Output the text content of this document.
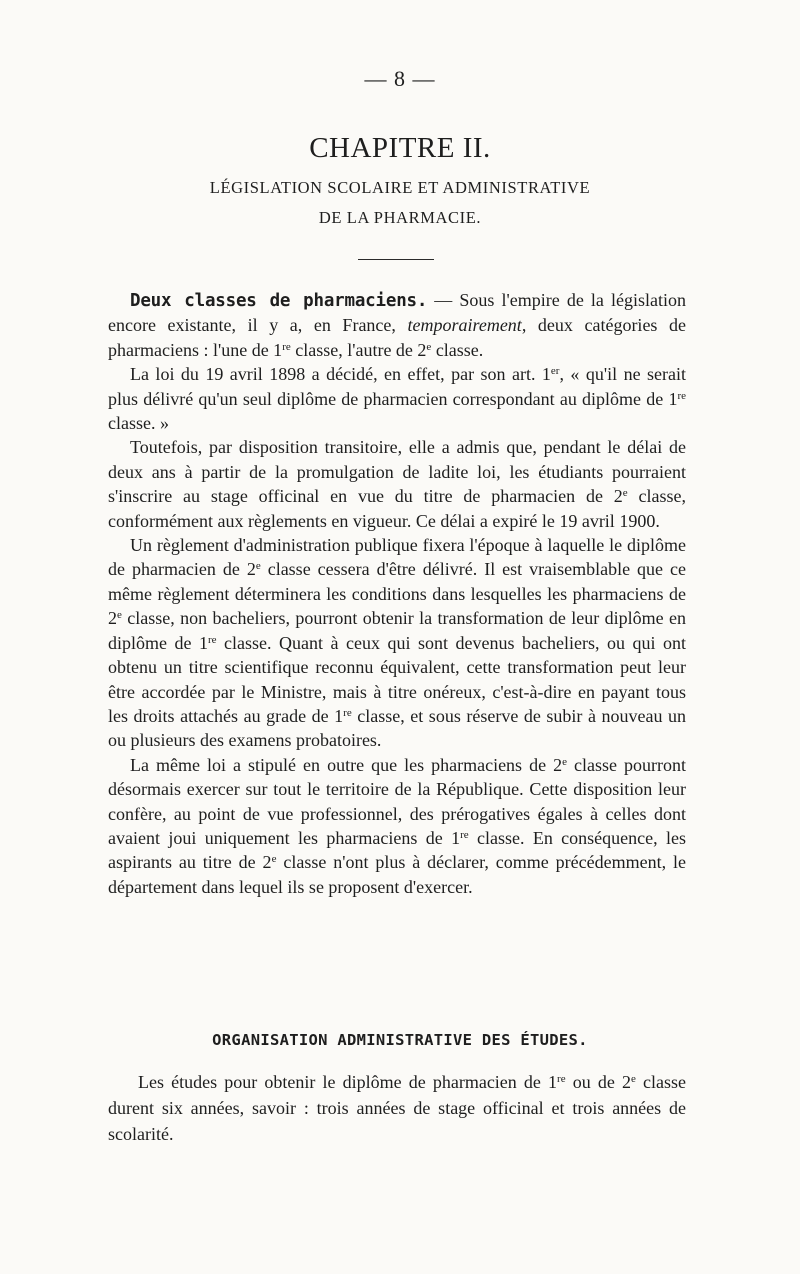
— 8 —
CHAPITRE II.
LÉGISLATION SCOLAIRE ET ADMINISTRATIVE
DE LA PHARMACIE.

Deux classes de pharmaciens. — Sous l'empire de la législation encore existante, il y a, en France, temporairement, deux catégories de pharmaciens : l'une de 1re classe, l'autre de 2e classe.

La loi du 19 avril 1898 a décidé, en effet, par son art. 1er, « qu'il ne serait plus délivré qu'un seul diplôme de pharmacien correspondant au diplôme de 1re classe. »

Toutefois, par disposition transitoire, elle a admis que, pendant le délai de deux ans à partir de la promulgation de ladite loi, les étudiants pourraient s'inscrire au stage officinal en vue du titre de pharmacien de 2e classe, conformément aux règlements en vigueur. Ce délai a expiré le 19 avril 1900.

Un règlement d'administration publique fixera l'époque à laquelle le diplôme de pharmacien de 2e classe cessera d'être délivré. Il est vraisemblable que ce même règlement déterminera les conditions dans lesquelles les pharmaciens de 2e classe, non bacheliers, pourront obtenir la transformation de leur diplôme en diplôme de 1re classe. Quant à ceux qui sont devenus bacheliers, ou qui ont obtenu un titre scientifique reconnu équivalent, cette transformation peut leur être accordée par le Ministre, mais à titre onéreux, c'est-à-dire en payant tous les droits attachés au grade de 1re classe, et sous réserve de subir à nouveau un ou plusieurs des examens probatoires.

La même loi a stipulé en outre que les pharmaciens de 2e classe pourront désormais exercer sur tout le territoire de la République. Cette disposition leur confère, au point de vue professionnel, des prérogatives égales à celles dont avaient joui uniquement les pharmaciens de 1re classe. En conséquence, les aspirants au titre de 2e classe n'ont plus à déclarer, comme précédemment, le département dans lequel ils se proposent d'exercer.

ORGANISATION ADMINISTRATIVE DES ÉTUDES.

Les études pour obtenir le diplôme de pharmacien de 1re ou de 2e classe durent six années, savoir : trois années de stage officinal et trois années de scolarité.
